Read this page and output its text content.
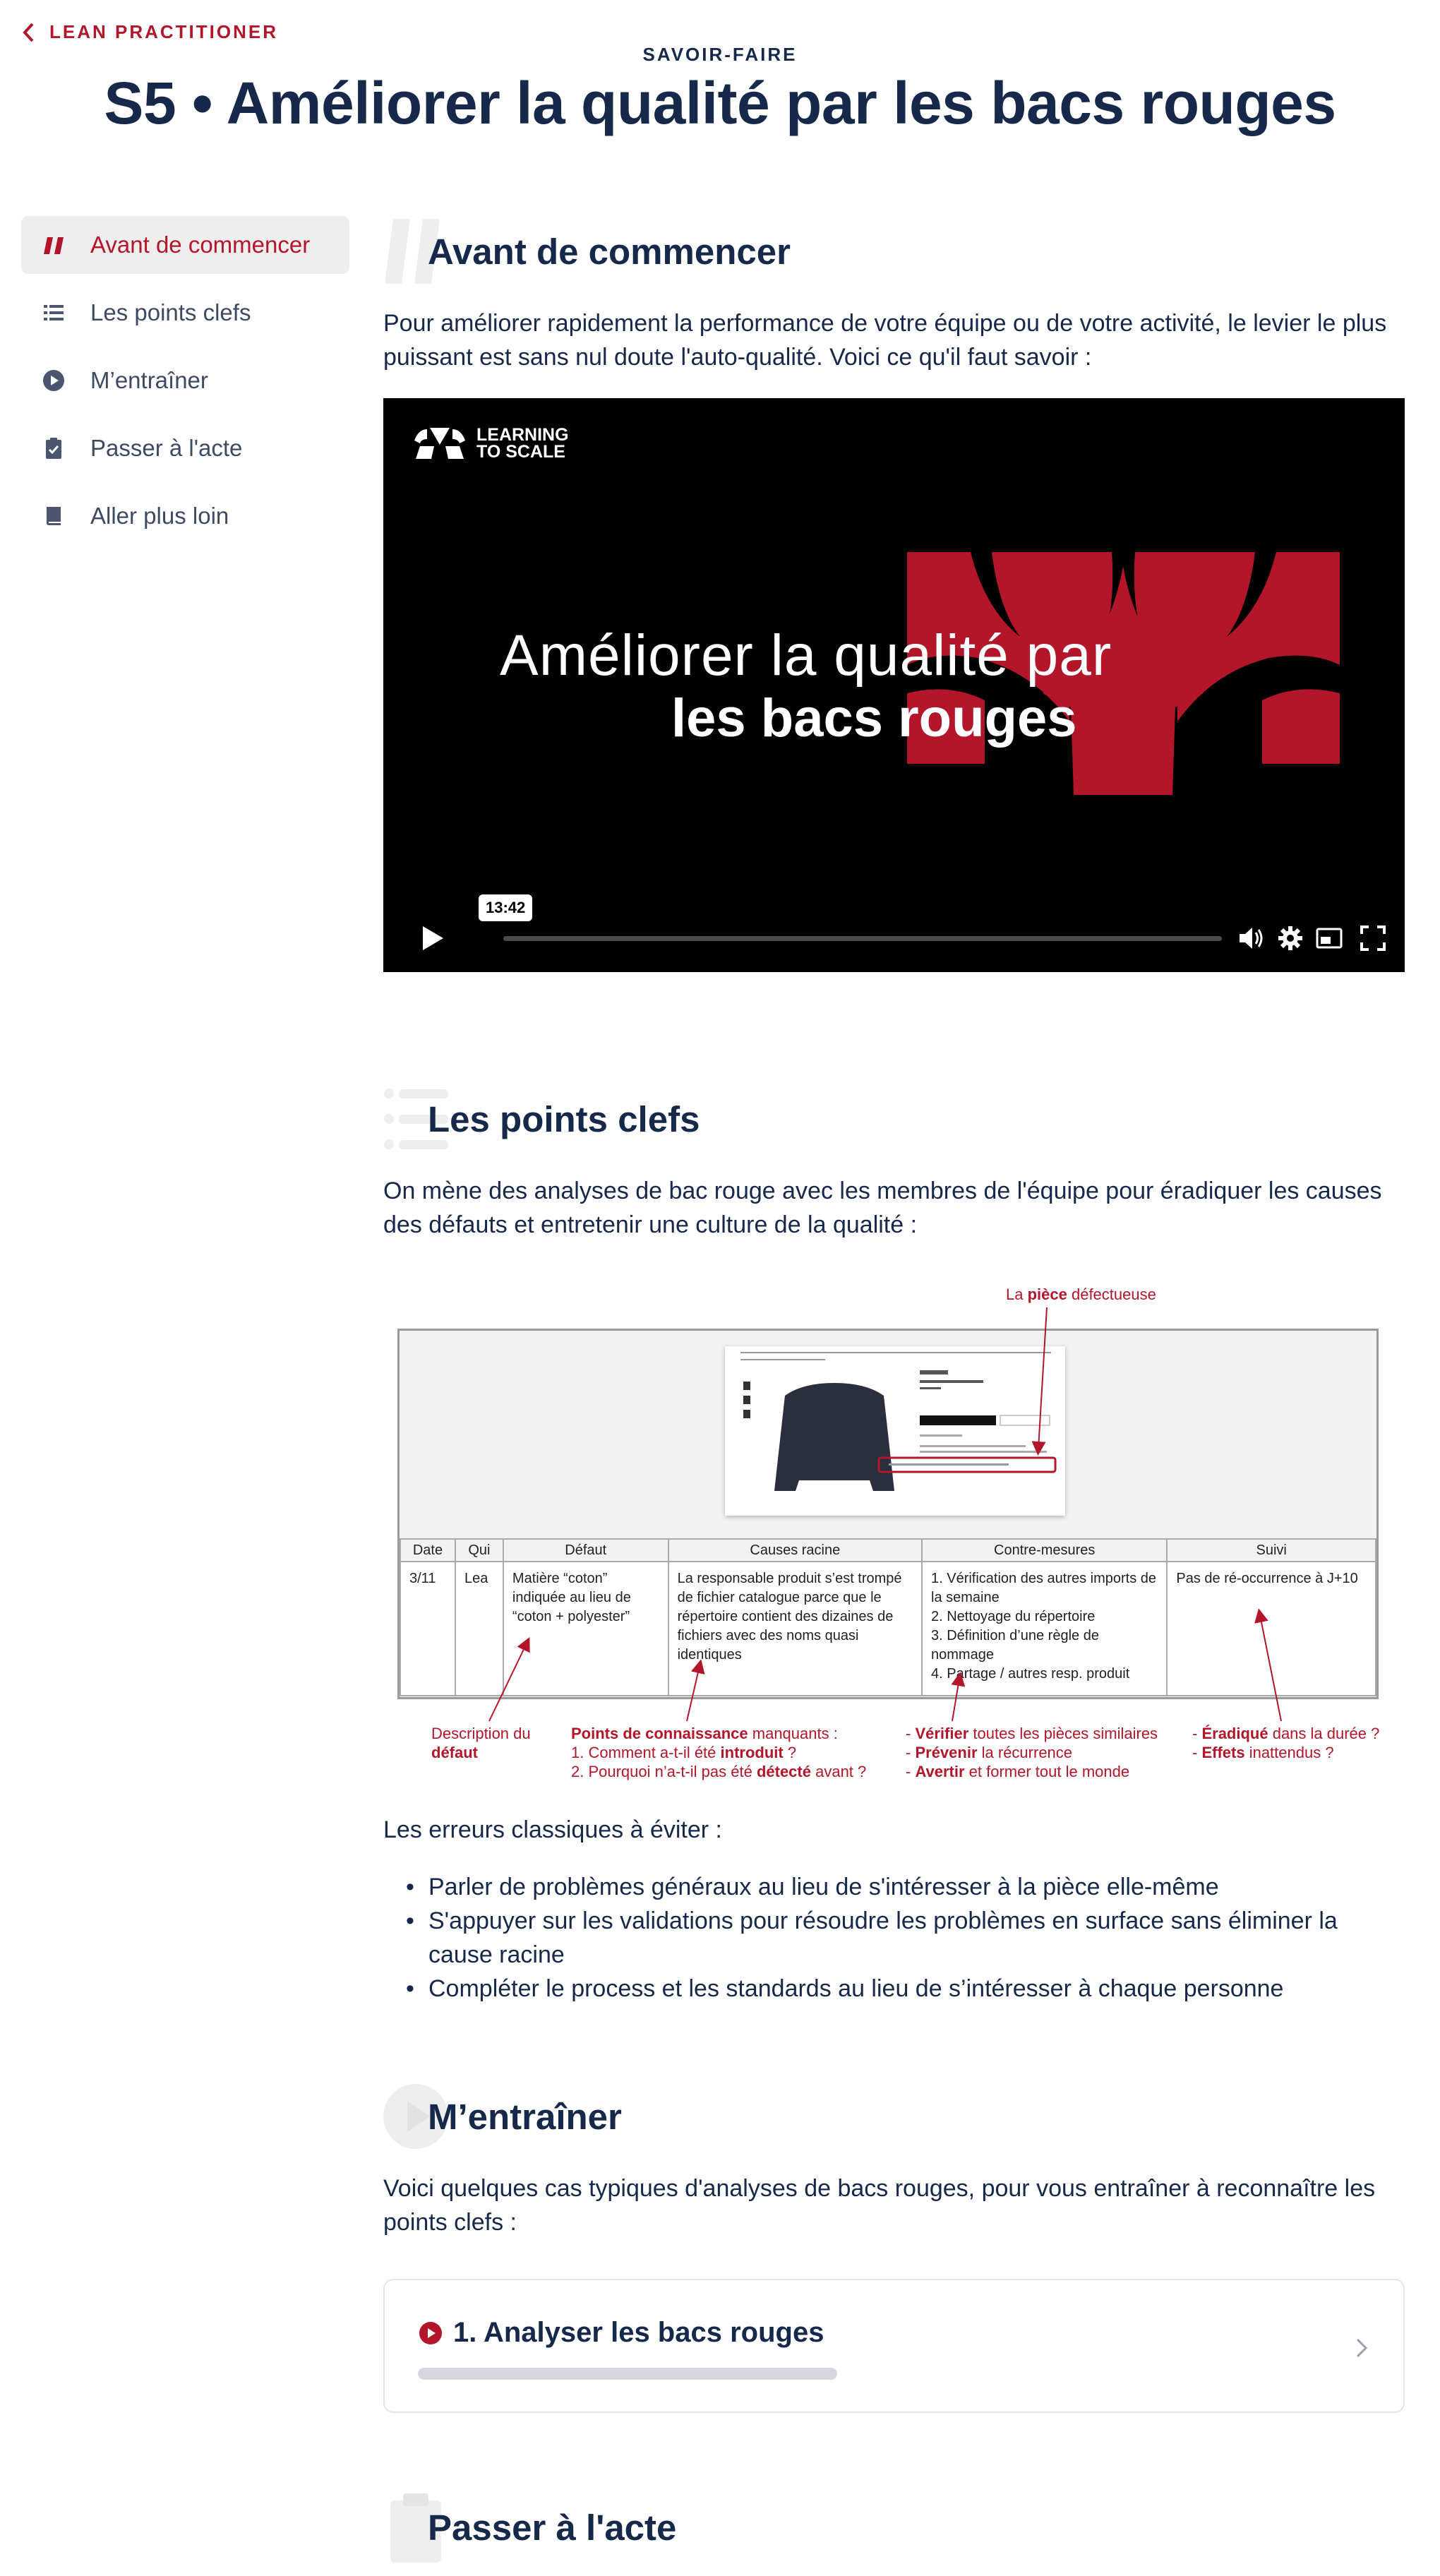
LEAN PRACTITIONER
SAVOIR-FAIRE
S5 • Améliorer la qualité par les bacs rouges
Avant de commencer
Les points clefs
M’entraîner
Passer à l'acte
Aller plus loin
Avant de commencer

Pour améliorer rapidement la performance de votre équipe ou de votre activité, le levier le plus puissant est sans nul doute l'auto-qualité. Voici ce qu'il faut savoir :

LEARNING
TO SCALE
Améliorer la qualité par
les bacs rouges
13:42
Les points clefs

On mène des analyses de bac rouge avec les membres de l'équipe pour éradiquer les causes des défauts et entretenir une culture de la qualité :

La pièce défectueuse
Date	Qui	Défaut	Causes racine	Contre-mesures	Suivi
3/11	Lea	Matière “coton” indiquée au lieu de “coton + polyester”	La responsable produit s’est trompé de fichier catalogue parce que le répertoire contient des dizaines de fichiers avec des noms quasi identiques	1. Vérification des autres imports de la semaine
2. Nettoyage du répertoire
3. Définition d’une règle de nommage
4. Partage / autres resp. produit	Pas de ré-occurrence à J+10
Description du
défaut
Points de connaissance manquants :
1. Comment a-t-il été introduit ?
2. Pourquoi n’a-t-il pas été détecté avant ?
- Vérifier toutes les pièces similaires
- Prévenir la récurrence
- Avertir et former tout le monde
- Éradiqué dans la durée ?
- Effets inattendus ?

Les erreurs classiques à éviter :

• Parler de problèmes généraux au lieu de s'intéresser à la pièce elle-même
• S'appuyer sur les validations pour résoudre les problèmes en surface sans éliminer la cause racine
• Compléter le process et les standards au lieu de s’intéresser à chaque personne
M’entraîner

Voici quelques cas typiques d'analyses de bacs rouges, pour vous entraîner à reconnaître les points clefs :

1. Analyser les bacs rouges
Passer à l'acte
